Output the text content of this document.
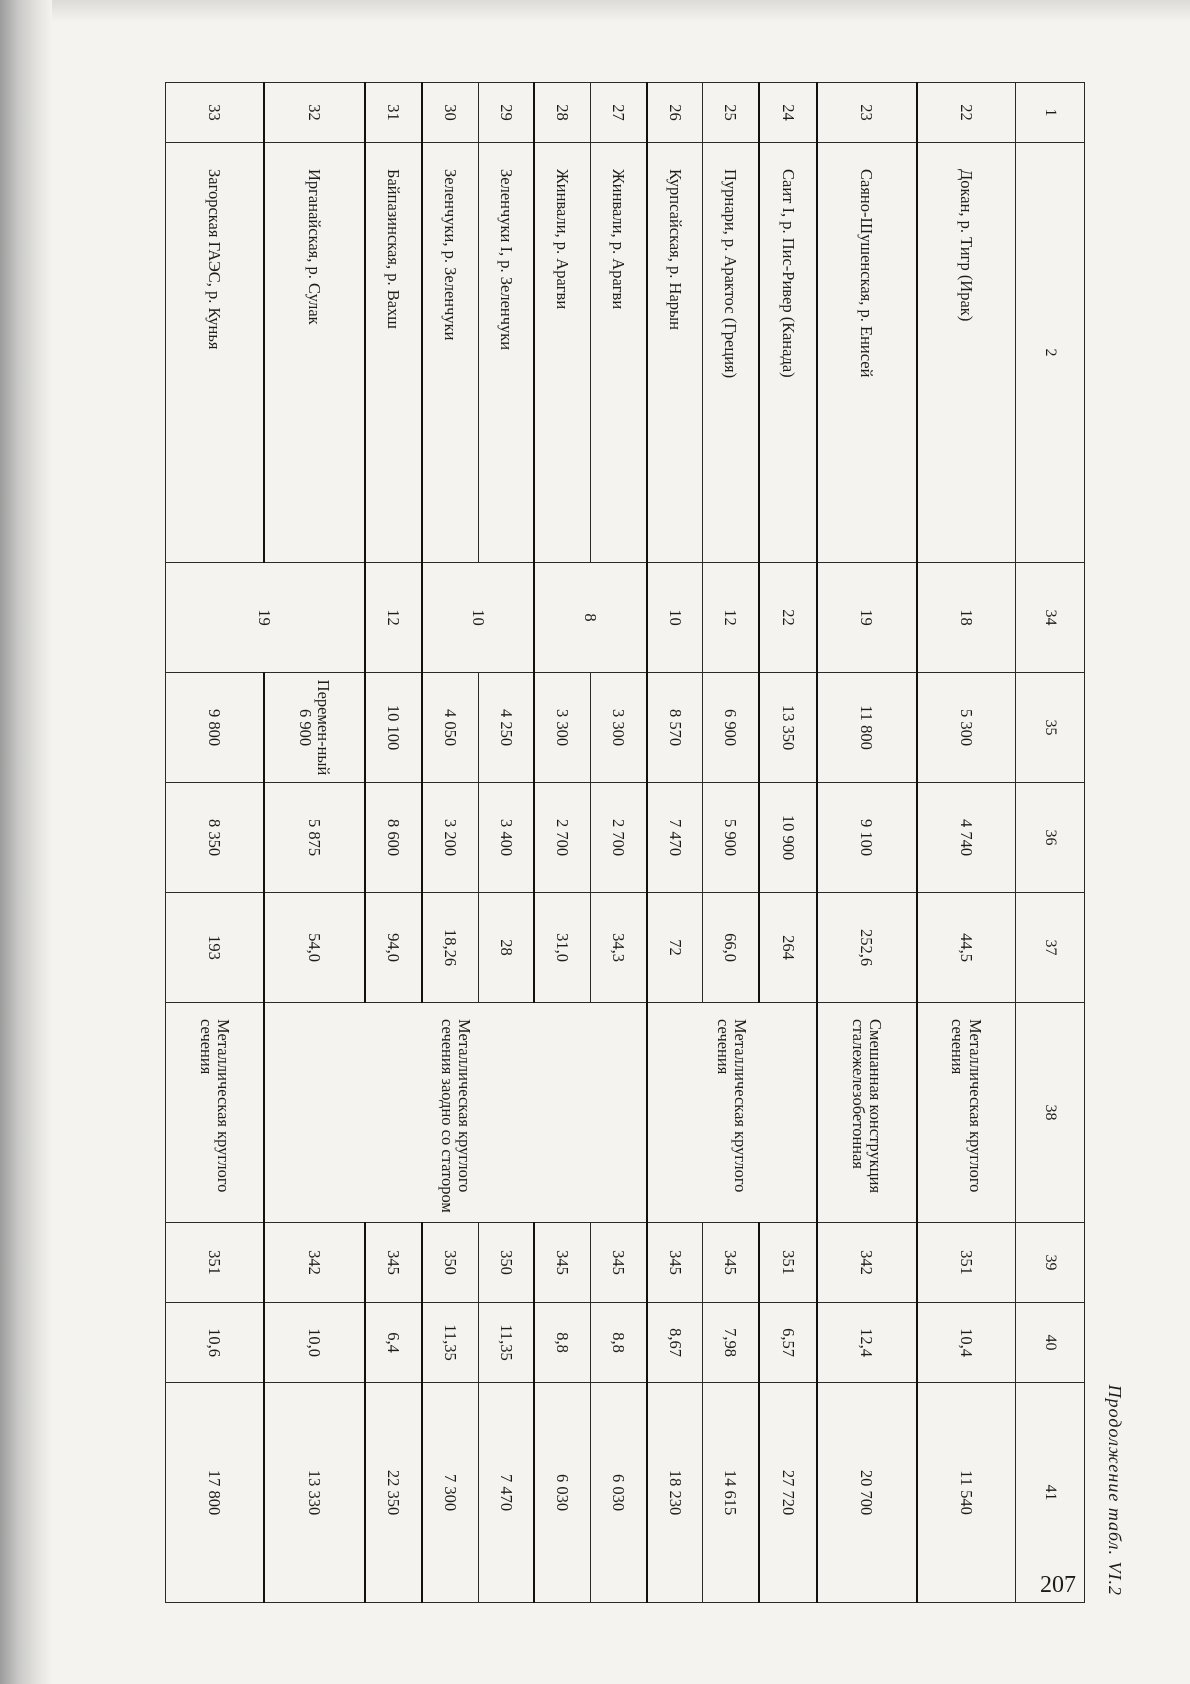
Продолжение табл. VI.2
1	2	34	35	36	37	38	39	40	41
22	Докан, р. Тигр (Ирак)	18	5 300	4 740	44,5	Металлическая круглого сечения	351	10,4	11 540
23	Саяно-Шушенская, р. Енисей	19	11 800	9 100	252,6	Смешанная конструкция сталежелезобетонная	342	12,4	20 700
24	Саит I, р. Пис-Ривер (Канада)	22	13 350	10 900	264	Металлическая круглого сечения	351	6,57	27 720
25	Пурнари, р. Арактос (Греция)	12	6 900	5 900	66,0		345	7,98	14 615
26	Курпсайская, р. Нарын	10	8 570	7 470	72		345	8,67	18 230
27	Жинвали, р. Арагви	8	3 300	2 700	34,3	Металлическая круглого сечения заодно со статором	345	8,8	6 030
28	Жинвали, р. Арагви		3 300	2 700	31,0		345	8,8	6 030
29	Зеленчуки I, р. Зеленчуки	10	4 250	3 400	28		350	11,35	7 470
30	Зеленчуки, р. Зеленчуки		4 050	3 200	18,26		350	11,35	7 300
31	Байпазинская, р. Вахш	12	10 100	8 600	94,0		345	6,4	22 350
32	Ирганайская, р. Сулак	19	Перемен-ный 6 900	5 875	54,0		342	10,0	13 330
33	Загорская ГАЭС, р. Кунья		9 800	8 350	193	Металлическая круглого сечения	351	10,6	17 800
207
